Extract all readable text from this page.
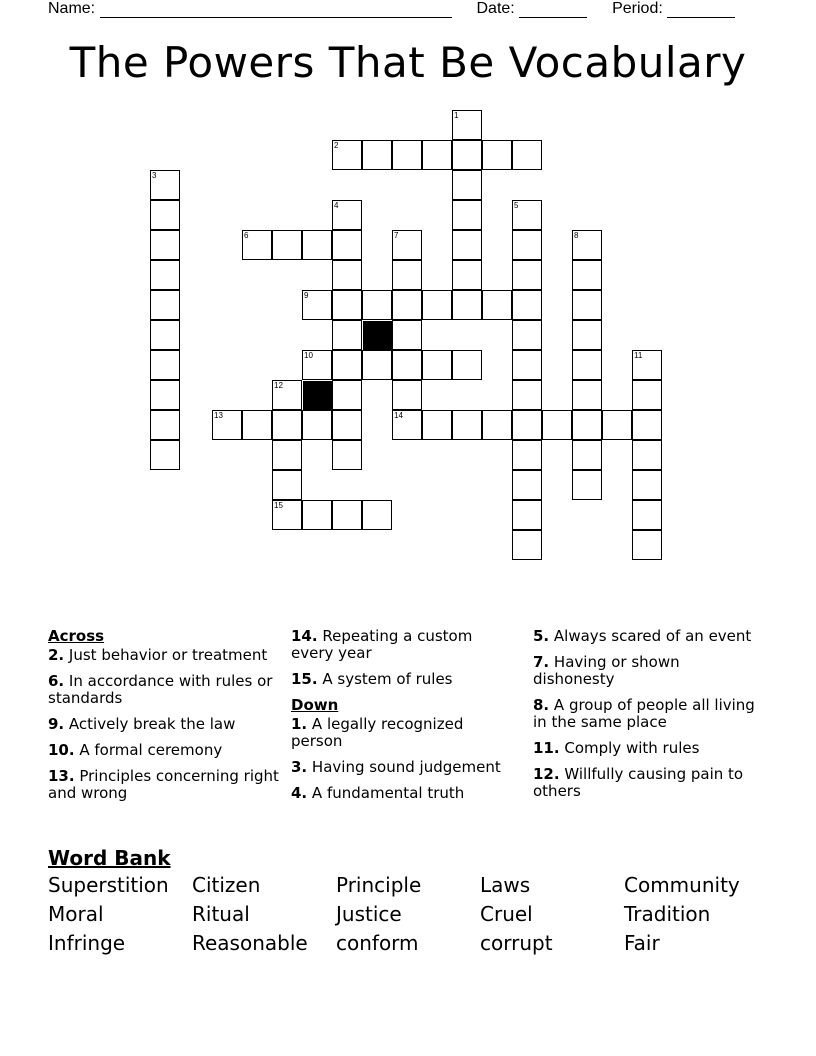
Name:	Date:	Period:
The Powers That Be Vocabulary
1
2
3
4	5
6	7	8
9
10	11
12
13	14
15
Across
2. Just behavior or treatment
6. In accordance with rules or standards
9. Actively break the law
10. A formal ceremony
13. Principles concerning right and wrong
14. Repeating a custom every year
15. A system of rules
Down
1. A legally recognized person
3. Having sound judgement
4. A fundamental truth
5. Always scared of an event
7. Having or shown dishonesty
8. A group of people all living in the same place
11. Comply with rules
12. Willfully causing pain to others
Word Bank
Superstition	Citizen	Principle	Laws	Community
Moral	Ritual	Justice	Cruel	Tradition
Infringe	Reasonable	conform	corrupt	Fair
